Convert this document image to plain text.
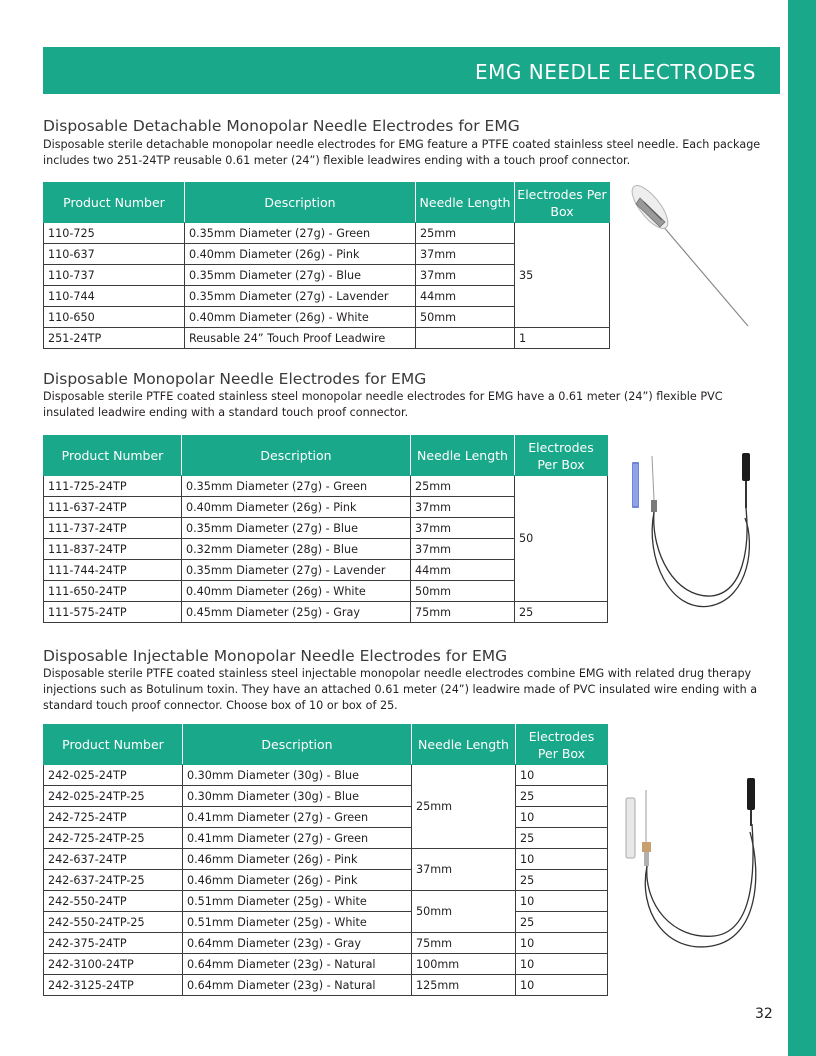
EMG NEEDLE ELECTRODES
Disposable Detachable Monopolar Needle Electrodes for EMG
Disposable sterile detachable monopolar needle electrodes for EMG feature a PTFE coated stainless steel needle. Each package includes two 251-24TP reusable 0.61 meter (24”) flexible leadwires ending with a touch proof connector.
Product Number	Description	Needle Length	Electrodes Per Box
110-725	0.35mm Diameter (27g) - Green	25mm	35
110-637	0.40mm Diameter (26g) - Pink	37mm	
110-737	0.35mm Diameter (27g) - Blue	37mm	
110-744	0.35mm Diameter (27g) - Lavender	44mm	
110-650	0.40mm Diameter (26g) - White	50mm	
251-24TP	Reusable 24” Touch Proof Leadwire		1
Disposable Monopolar Needle Electrodes for EMG
Disposable sterile PTFE coated stainless steel monopolar needle electrodes for EMG have a 0.61 meter (24”) flexible PVC insulated leadwire ending with a standard touch proof connector.
Product Number	Description	Needle Length	Electrodes Per Box
111-725-24TP	0.35mm Diameter (27g) - Green	25mm	50
111-637-24TP	0.40mm Diameter (26g) - Pink	37mm	
111-737-24TP	0.35mm Diameter (27g) - Blue	37mm	
111-837-24TP	0.32mm Diameter (28g) - Blue	37mm	
111-744-24TP	0.35mm Diameter (27g) - Lavender	44mm	
111-650-24TP	0.40mm Diameter (26g) - White	50mm	
111-575-24TP	0.45mm Diameter (25g) - Gray	75mm	25
Disposable Injectable Monopolar Needle Electrodes for EMG
Disposable sterile PTFE coated stainless steel injectable monopolar needle electrodes combine EMG with related drug therapy injections such as Botulinum toxin. They have an attached 0.61 meter (24”) leadwire made of PVC insulated wire ending with a standard touch proof connector. Choose box of 10 or box of 25.
Product Number	Description	Needle Length	Electrodes Per Box
242-025-24TP	0.30mm Diameter (30g) - Blue	25mm	10
242-025-24TP-25	0.30mm Diameter (30g) - Blue		25
242-725-24TP	0.41mm Diameter (27g) - Green		10
242-725-24TP-25	0.41mm Diameter (27g) - Green		25
242-637-24TP	0.46mm Diameter (26g) - Pink	37mm	10
242-637-24TP-25	0.46mm Diameter (26g) - Pink		25
242-550-24TP	0.51mm Diameter (25g) - White	50mm	10
242-550-24TP-25	0.51mm Diameter (25g) - White		25
242-375-24TP	0.64mm Diameter (23g) - Gray	75mm	10
242-3100-24TP	0.64mm Diameter (23g) - Natural	100mm	10
242-3125-24TP	0.64mm Diameter (23g) - Natural	125mm	10
32
